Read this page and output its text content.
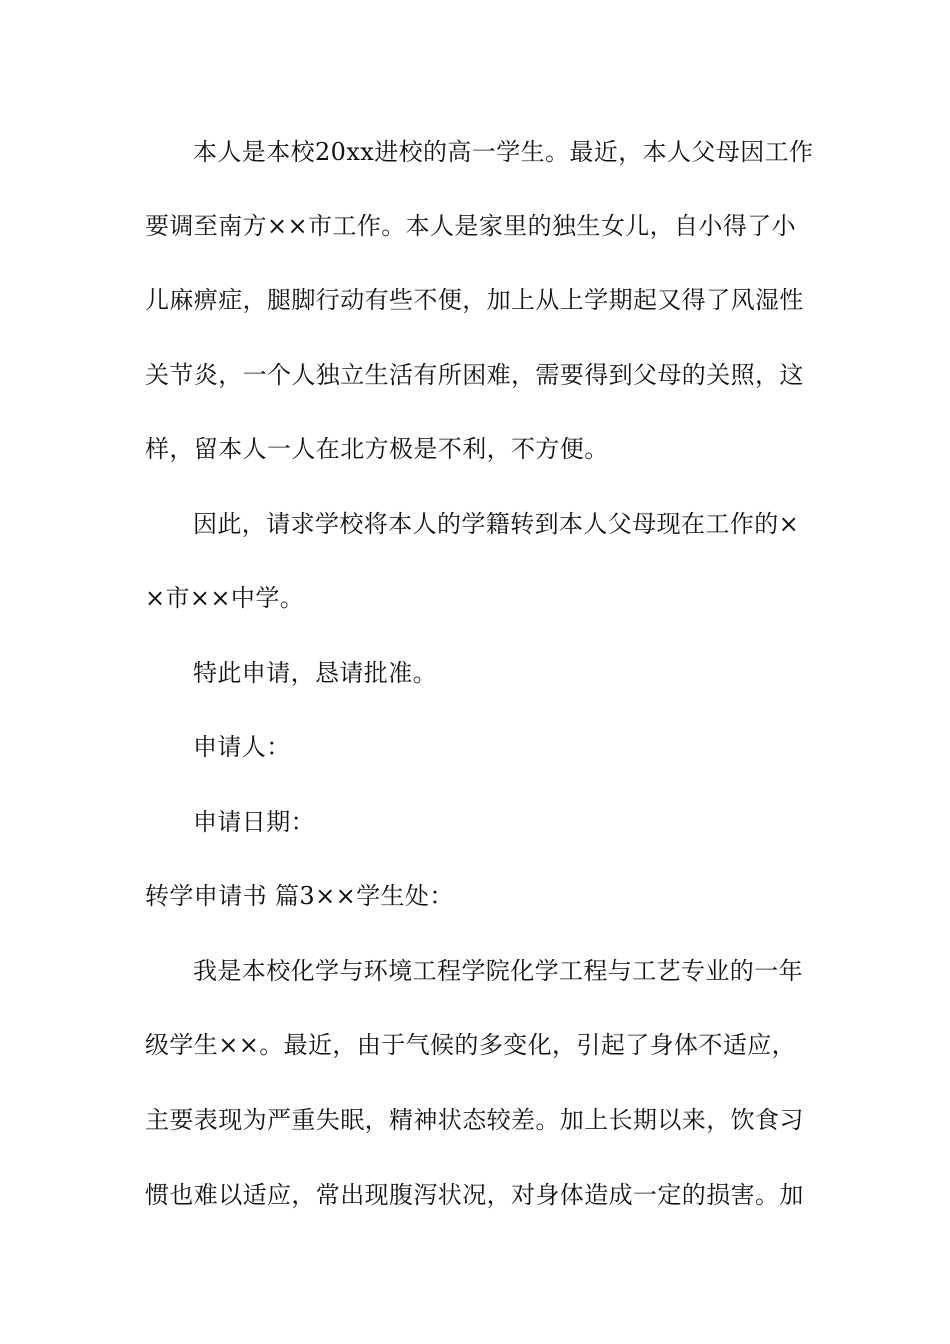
本人是本校20xx进校的高一学生。最近，本人父母因工作
要调至南方××市工作。本人是家里的独生女儿，自小得了小
儿麻痹症，腿脚行动有些不便，加上从上学期起又得了风湿性
关节炎，一个人独立生活有所困难，需要得到父母的关照，这
样，留本人一人在北方极是不利，不方便。
因此，请求学校将本人的学籍转到本人父母现在工作的×
×市××中学。
特此申请，恳请批准。
申请人：
申请日期：
转学申请书 篇3××学生处：
我是本校化学与环境工程学院化学工程与工艺专业的一年
级学生××。最近，由于气候的多变化，引起了身体不适应，
主要表现为严重失眠，精神状态较差。加上长期以来，饮食习
惯也难以适应，常出现腹泻状况，对身体造成一定的损害。加
